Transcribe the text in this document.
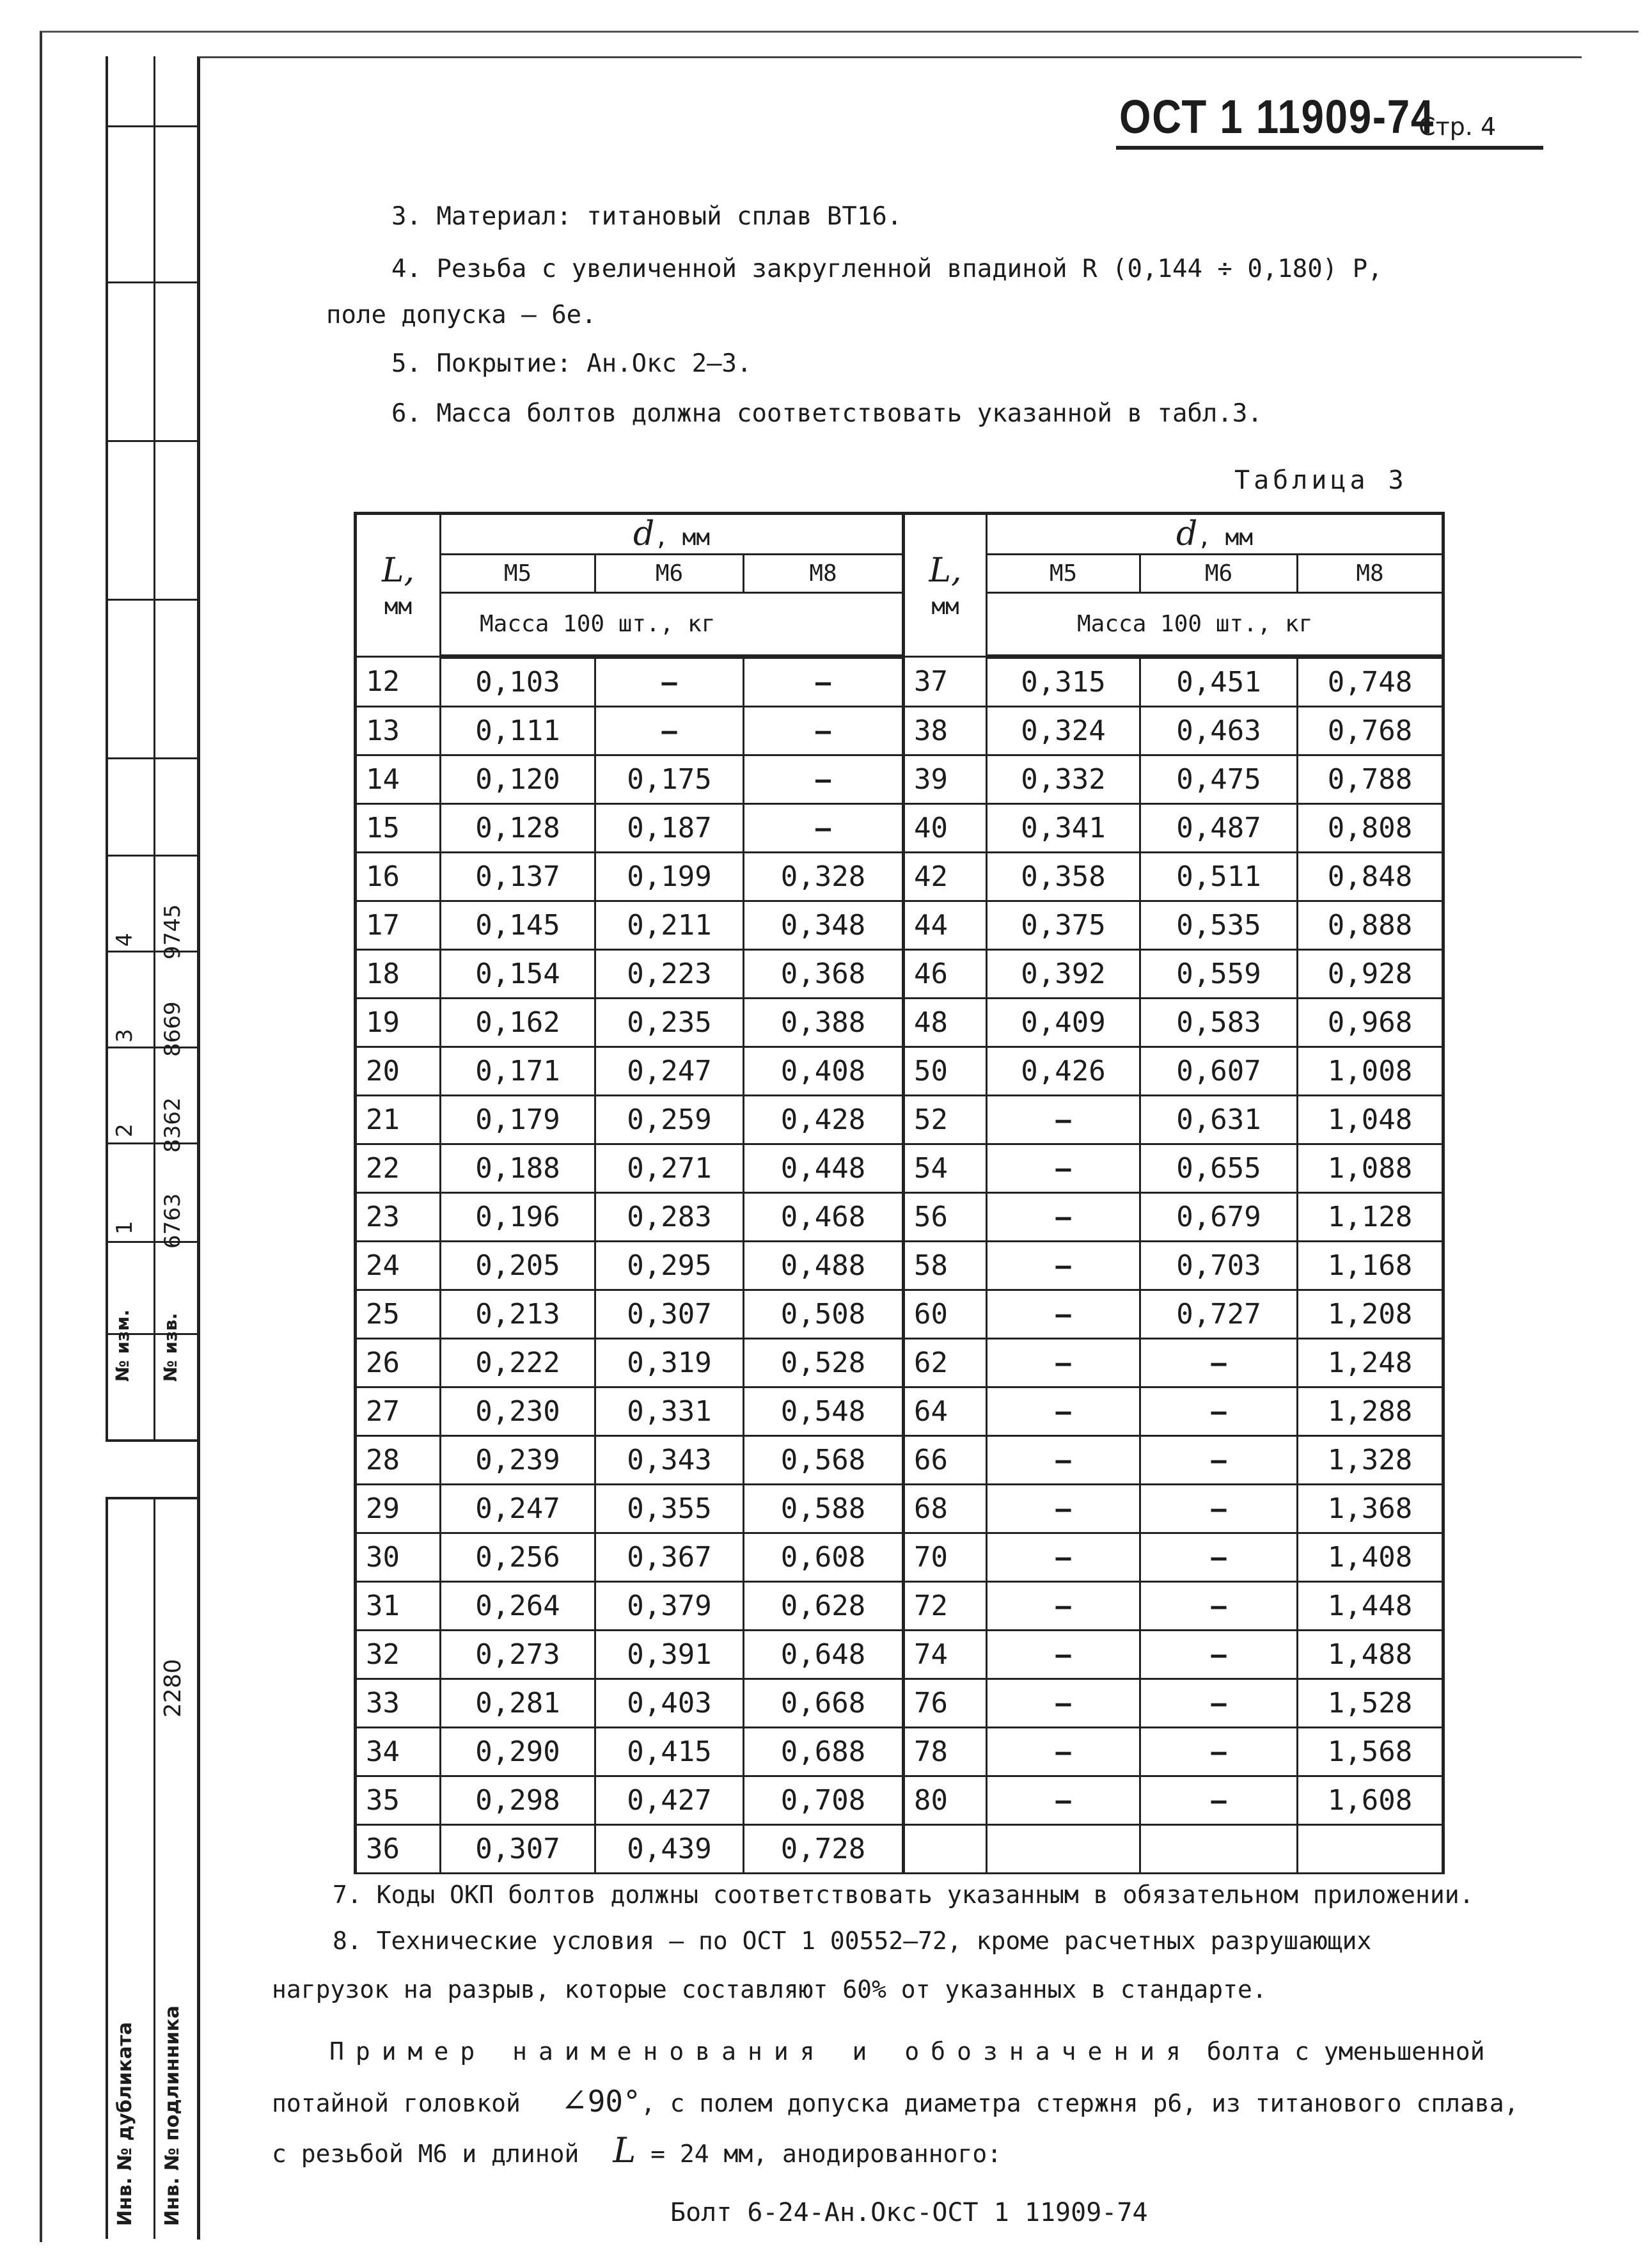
ОСТ 1 11909-74
Стр. 4
3. Материал: титановый сплав ВТ16.
4. Резьба с увеличенной закругленной впадиной R (0,144 ÷ 0,180) Р,
поле допуска – 6е.
5. Покрытие: Ан.Окс 2–3.
6. Масса болтов должна соответствовать указанной в табл.3.
Таблица 3
L,
мм	d, мм		
	М5	М6	М8
	Масса 100 шт., кг		
12	0,103	–	–
13	0,111	–	–
14	0,120	0,175	–
15	0,128	0,187	–
16	0,137	0,199	0,328
17	0,145	0,211	0,348
18	0,154	0,223	0,368
19	0,162	0,235	0,388
20	0,171	0,247	0,408
21	0,179	0,259	0,428
22	0,188	0,271	0,448
23	0,196	0,283	0,468
24	0,205	0,295	0,488
25	0,213	0,307	0,508
26	0,222	0,319	0,528
27	0,230	0,331	0,548
28	0,239	0,343	0,568
29	0,247	0,355	0,588
30	0,256	0,367	0,608
31	0,264	0,379	0,628
32	0,273	0,391	0,648
33	0,281	0,403	0,668
34	0,290	0,415	0,688
35	0,298	0,427	0,708
36	0,307	0,439	0,728
L,
мм	d, мм		
	М5	М6	М8
	Масса 100 шт., кг		
37	0,315	0,451	0,748
38	0,324	0,463	0,768
39	0,332	0,475	0,788
40	0,341	0,487	0,808
42	0,358	0,511	0,848
44	0,375	0,535	0,888
46	0,392	0,559	0,928
48	0,409	0,583	0,968
50	0,426	0,607	1,008
52	–	0,631	1,048
54	–	0,655	1,088
56	–	0,679	1,128
58	–	0,703	1,168
60	–	0,727	1,208
62	–	–	1,248
64	–	–	1,288
66	–	–	1,328
68	–	–	1,368
70	–	–	1,408
72	–	–	1,448
74	–	–	1,488
76	–	–	1,528
78	–	–	1,568
80	–	–	1,608

7. Коды ОКП болтов должны соответствовать указанным в обязательном приложении.
8. Технические условия – по ОСТ 1 00552–72, кроме расчетных разрушающих
нагрузок на разрыв, которые составляют 60% от указанных в стандарте.
Пример наименования и обозначения болта с уменьшенной
потайной головкой ∠90°, с полем допуска диаметра стержня р6, из титанового сплава,
с резьбой М6 и длиной L = 24 мм, анодированного:
Болт 6-24-Ан.Окс-ОСТ 1 11909-74
4
3
2
1
9745
8669
8362
6763
№ изм. № изв.
2280
Инв. № дубликата Инв. № подлинника
